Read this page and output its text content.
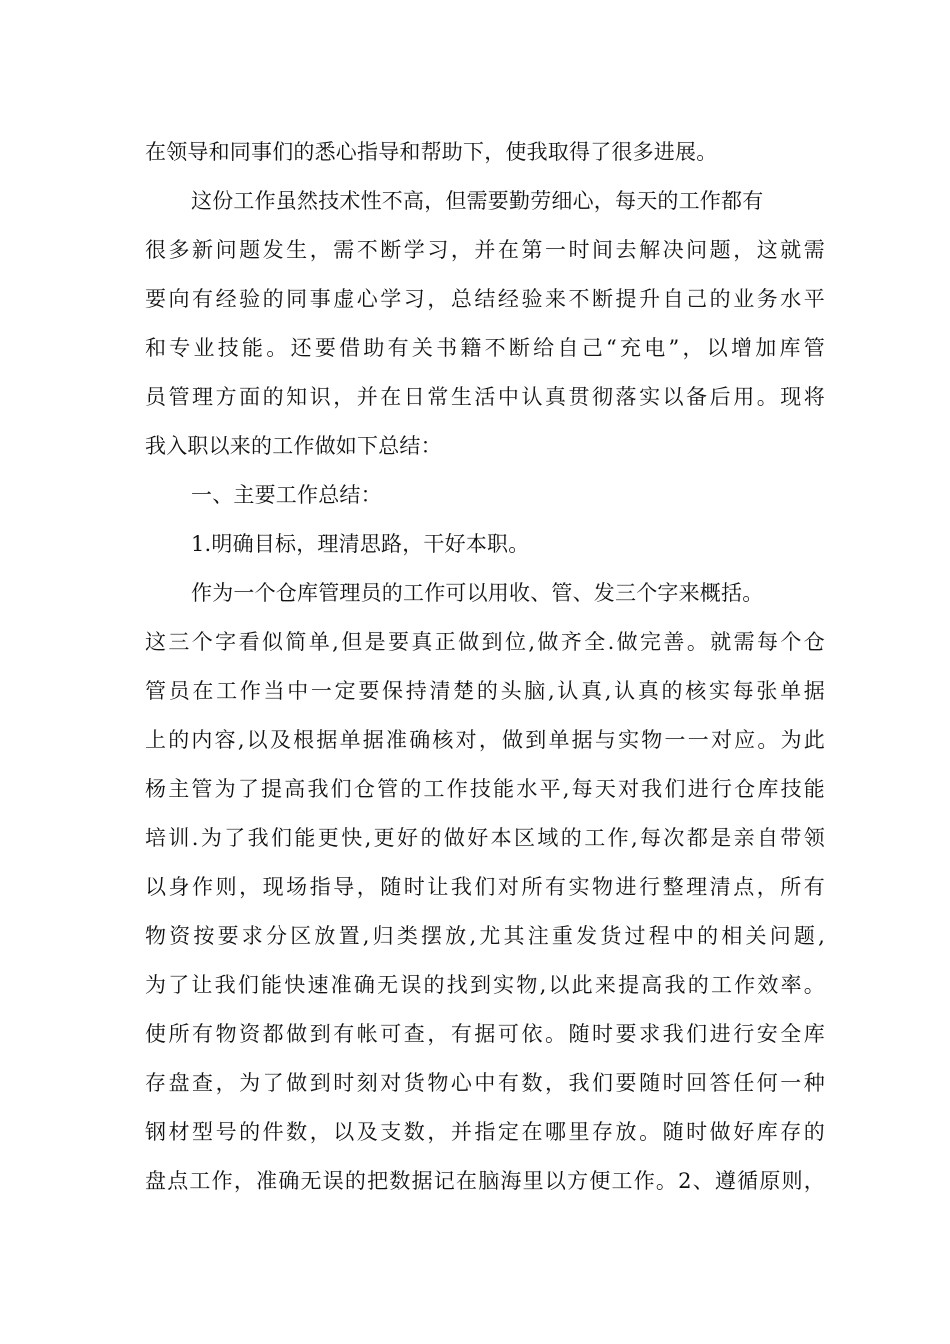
在领导和同事们的悉心指导和帮助下，使我取得了很多进展。
这份工作虽然技术性不高，但需要勤劳细心，每天的工作都有
很多新问题发生，需不断学习，并在第一时间去解决问题，这就需
要向有经验的同事虚心学习，总结经验来不断提升自己的业务水平
和专业技能。还要借助有关书籍不断给自己“充电”，以增加库管
员管理方面的知识，并在日常生活中认真贯彻落实以备后用。现将
我入职以来的工作做如下总结：
一、主要工作总结：
1.明确目标，理清思路，干好本职。
作为一个仓库管理员的工作可以用收、管、发三个字来概括。
这三个字看似简单,但是要真正做到位,做齐全.做完善。就需每个仓
管员在工作当中一定要保持清楚的头脑,认真,认真的核实每张单据
上的内容,以及根据单据准确核对，做到单据与实物一一对应。为此
杨主管为了提高我们仓管的工作技能水平,每天对我们进行仓库技能
培训.为了我们能更快,更好的做好本区域的工作,每次都是亲自带领
以身作则，现场指导，随时让我们对所有实物进行整理清点，所有
物资按要求分区放置,归类摆放,尤其注重发货过程中的相关问题,
为了让我们能快速准确无误的找到实物,以此来提高我的工作效率。
使所有物资都做到有帐可查，有据可依。随时要求我们进行安全库
存盘查，为了做到时刻对货物心中有数，我们要随时回答任何一种
钢材型号的件数，以及支数，并指定在哪里存放。随时做好库存的
盘点工作，准确无误的把数据记在脑海里以方便工作。2、遵循原则，
